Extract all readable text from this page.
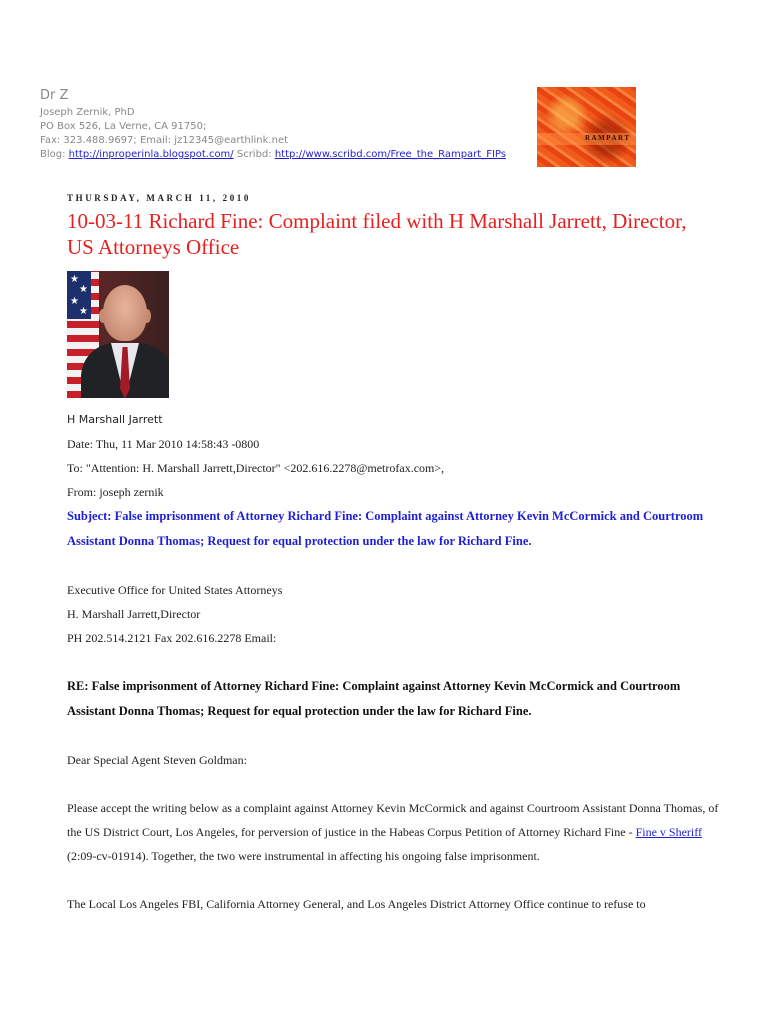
Dr Z
Joseph Zernik, PhD
PO Box 526, La Verne, CA 91750;
Fax: 323.488.9697; Email: jz12345@earthlink.net
Blog: http://inproperinla.blogspot.com/ Scribd: http://www.scribd.com/Free_the_Rampart_FIPs
RAMPART
THURSDAY, MARCH 11, 2010
10-03-11 Richard Fine: Complaint filed with H Marshall Jarrett, Director, US Attorneys Office
★
★
★
★

H Marshall Jarrett

Date: Thu, 11 Mar 2010 14:58:43 -0800

To: "Attention: H. Marshall Jarrett,Director" <202.616.2278@metrofax.com>,

From: joseph zernik

Subject: False imprisonment of Attorney Richard Fine: Complaint against Attorney Kevin McCormick and Courtroom Assistant Donna Thomas; Request for equal protection under the law for Richard Fine.

Executive Office for United States Attorneys

H. Marshall Jarrett,Director

PH 202.514.2121 Fax 202.616.2278 Email:

RE: False imprisonment of Attorney Richard Fine: Complaint against Attorney Kevin McCormick and Courtroom Assistant Donna Thomas; Request for equal protection under the law for Richard Fine.

Dear Special Agent Steven Goldman:

Please accept the writing below as a complaint against Attorney Kevin McCormick and against Courtroom Assistant Donna Thomas, of the US District Court, Los Angeles, for perversion of justice in the Habeas Corpus Petition of Attorney Richard Fine - Fine v Sheriff (2:09-cv-01914). Together, the two were instrumental in affecting his ongoing false imprisonment.

The Local Los Angeles FBI, California Attorney General, and Los Angeles District Attorney Office continue to refuse to
